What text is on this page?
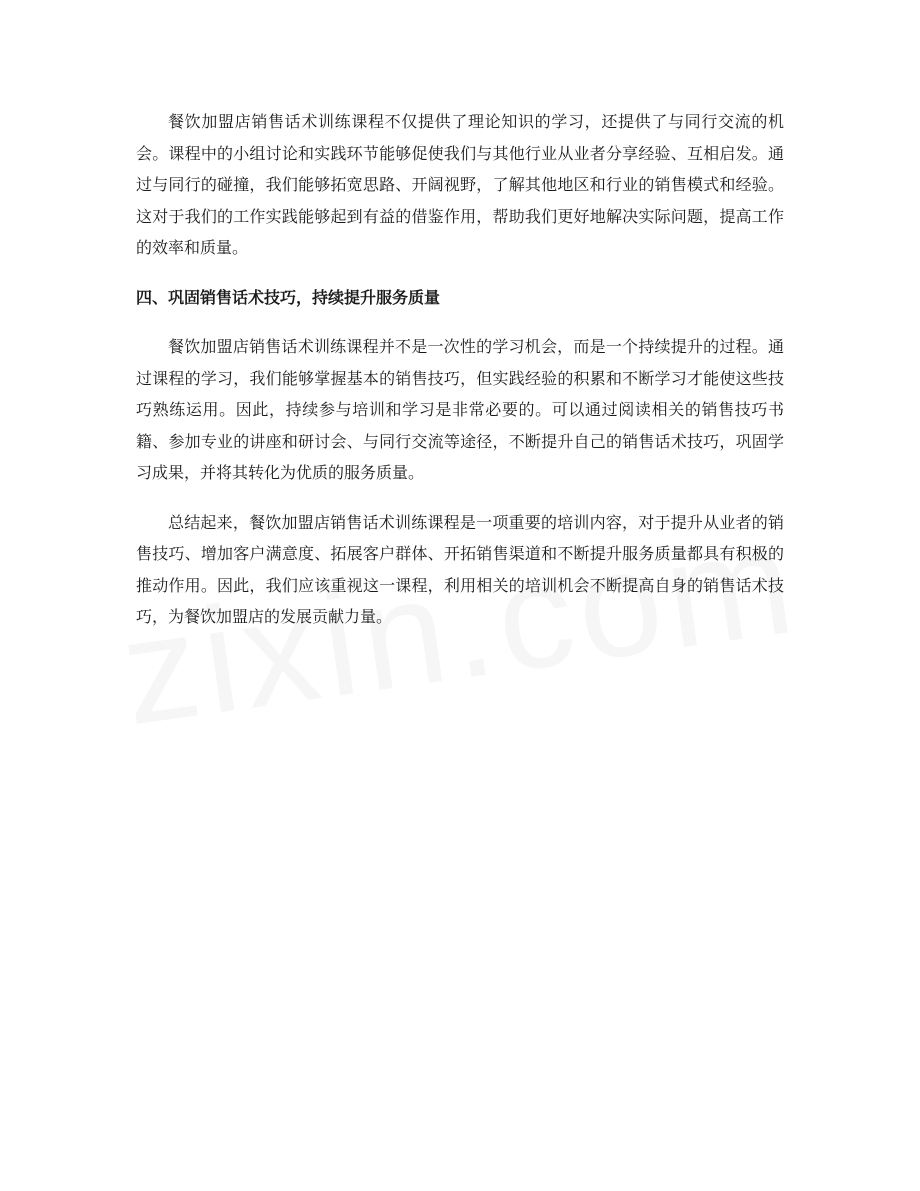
餐饮加盟店销售话术训练课程不仅提供了理论知识的学习，还提供了与同行交流的机会。课程中的小组讨论和实践环节能够促使我们与其他行业从业者分享经验、互相启发。通过与同行的碰撞，我们能够拓宽思路、开阔视野，了解其他地区和行业的销售模式和经验。这对于我们的工作实践能够起到有益的借鉴作用，帮助我们更好地解决实际问题，提高工作的效率和质量。

四、巩固销售话术技巧，持续提升服务质量

餐饮加盟店销售话术训练课程并不是一次性的学习机会，而是一个持续提升的过程。通过课程的学习，我们能够掌握基本的销售技巧，但实践经验的积累和不断学习才能使这些技巧熟练运用。因此，持续参与培训和学习是非常必要的。可以通过阅读相关的销售技巧书籍、参加专业的讲座和研讨会、与同行交流等途径，不断提升自己的销售话术技巧，巩固学习成果，并将其转化为优质的服务质量。

总结起来，餐饮加盟店销售话术训练课程是一项重要的培训内容，对于提升从业者的销售技巧、增加客户满意度、拓展客户群体、开拓销售渠道和不断提升服务质量都具有积极的推动作用。因此，我们应该重视这一课程，利用相关的培训机会不断提高自身的销售话术技巧，为餐饮加盟店的发展贡献力量。
